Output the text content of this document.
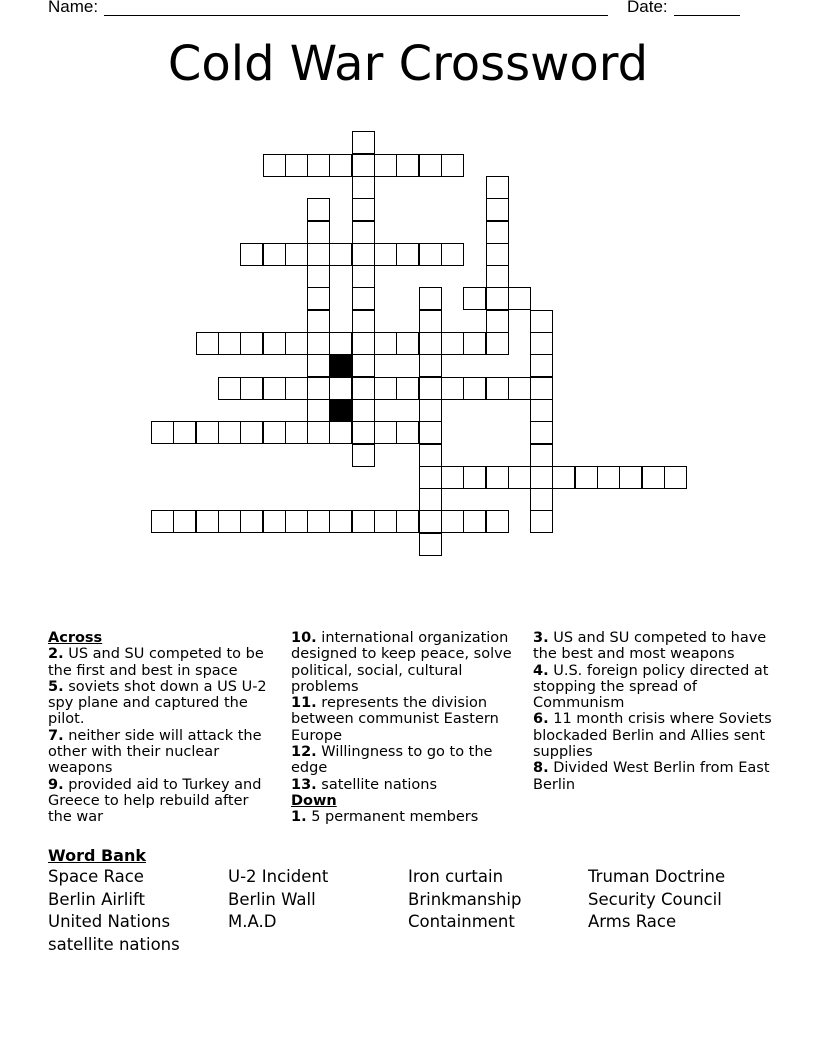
Name:	Date:
Cold War Crossword
Across
2. US and SU competed to be the first and best in space
5. soviets shot down a US U-2 spy plane and captured the pilot.
7. neither side will attack the other with their nuclear weapons
9. provided aid to Turkey and Greece to help rebuild after the war
10. international organization designed to keep peace, solve political, social, cultural problems
11. represents the division between communist Eastern Europe
12. Willingness to go to the edge
13. satellite nations
Down
1. 5 permanent members
3. US and SU competed to have the best and most weapons
4. U.S. foreign policy directed at stopping the spread of Communism
6. 11 month crisis where Soviets blockaded Berlin and Allies sent supplies
8. Divided West Berlin from East Berlin
Word Bank
Space Race
Berlin Airlift
United Nations
satellite nations
U-2 Incident
Berlin Wall
M.A.D
Iron curtain
Brinkmanship
Containment
Truman Doctrine
Security Council
Arms Race
